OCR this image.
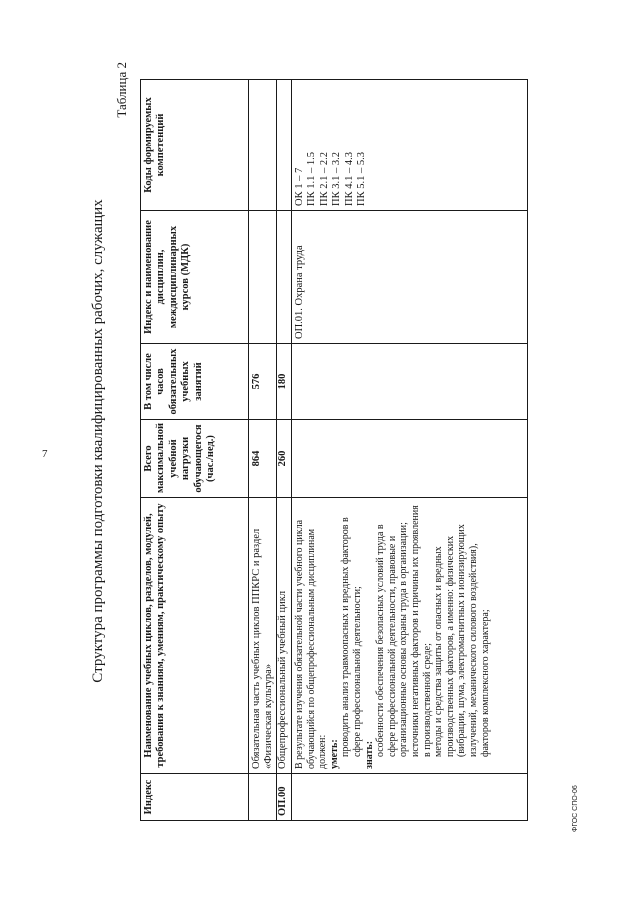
7
ФГОС СПО-06
Структура программы подготовки квалифицированных рабочих, служащих
Таблица 2
Индекс
Наименование учебных циклов, разделов, модулей, требования к знаниям, умениям, практическому опыту
Всего максимальной учебной нагрузки обучающегося (час./нед.)
В том числе часов обязательных учебных занятий
Индекс и наименование дисциплин, междисциплинарных курсов (МДК)
Коды формируемых компетенций
Обязательная часть учебных циклов ППКРС и раздел «Физическая культура»
864
576
ОП.00
Общепрофессиональный учебный цикл
260
180
В результате изучения обязательной части учебного цикла обучающийся по общепрофессиональным дисциплинам должен: уметь: проводить анализ травмоопасных и вредных факторов в сфере профессиональной деятельности; знать: особенности обеспечения безопасных условий труда в сфере профессиональной деятельности, правовые и организационные основы охраны труда в организации; источники негативных факторов и причины их проявления в производственной среде; методы и средства защиты от опасных и вредных производственных факторов, а именно: физических (вибрации, шума, электромагнитных и ионизирующих излучений, механического силового воздействия), факторов комплексного характера;
ОП.01. Охрана труда
ОК 1 – 7 ПК 1.1 – 1.5 ПК 2.1 – 2.2 ПК 3.1 – 3.2 ПК 4.1 – 4.3 ПК 5.1 – 5.3
